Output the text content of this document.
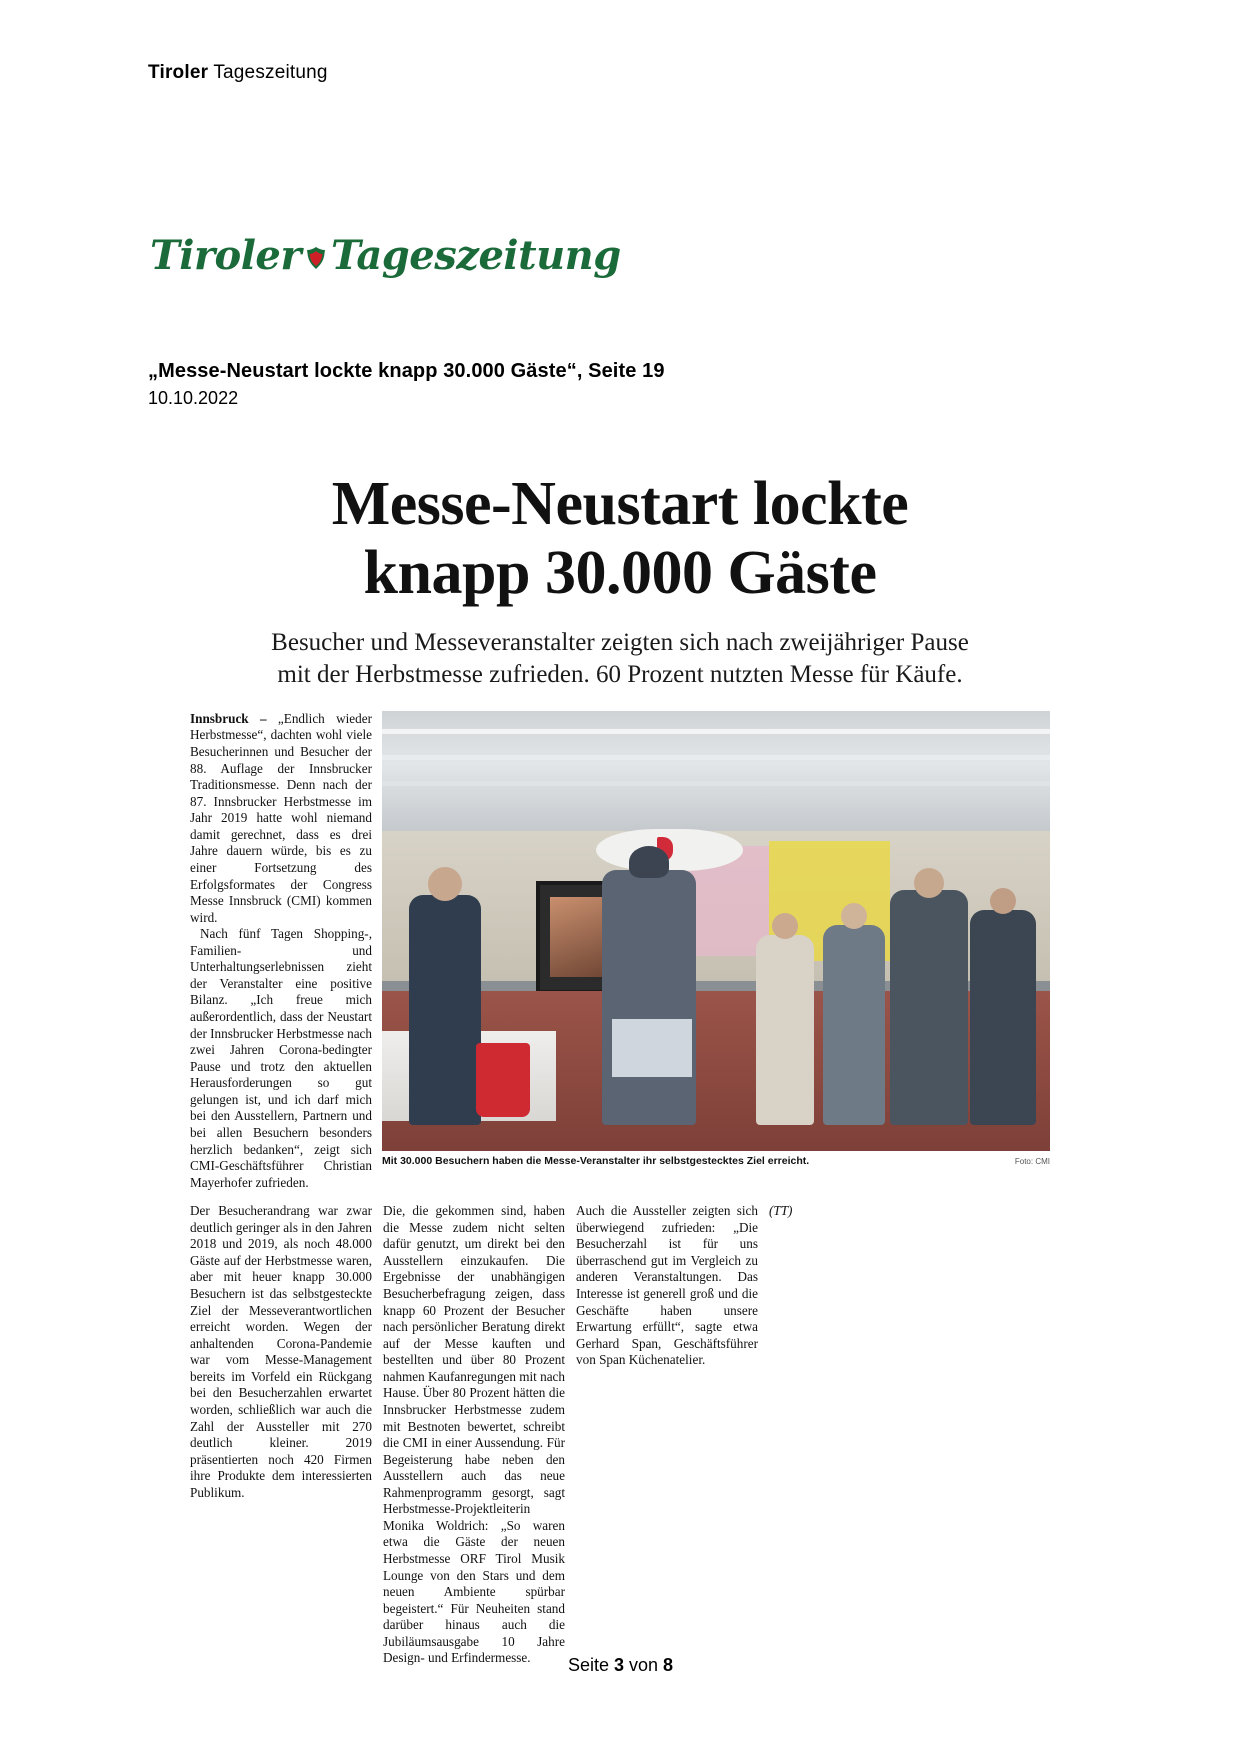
Tiroler Tageszeitung
Tiroler Tageszeitung
„Messe-Neustart lockte knapp 30.000 Gäste“, Seite 19
10.10.2022
Messe-Neustart lockte
knapp 30.000 Gäste
Besucher und Messeveranstalter zeigten sich nach zweijähriger Pause
mit der Herbstmesse zufrieden. 60 Prozent nutzten Messe für Käufe.

Innsbruck – „Endlich wieder Herbstmesse“, dachten wohl viele Besucherinnen und Besucher der 88. Auflage der Innsbrucker Traditionsmesse. Denn nach der 87. Innsbrucker Herbstmesse im Jahr 2019 hatte wohl niemand damit gerechnet, dass es drei Jahre dauern würde, bis es zu einer Fortsetzung des Erfolgsformates der Congress Messe Innsbruck (CMI) kommen wird.

Nach fünf Tagen Shopping-, Familien- und Unterhaltungserlebnissen zieht der Veranstalter eine positive Bilanz. „Ich freue mich außerordentlich, dass der Neustart der Innsbrucker Herbstmesse nach zwei Jahren Corona-bedingter Pause und trotz den aktuellen Herausforderungen so gut gelungen ist, und ich darf mich bei den Ausstellern, Partnern und bei allen Besuchern besonders herzlich bedanken“, zeigt sich CMI-Geschäftsführer Christian Mayerhofer zufrieden.

Mit 30.000 Besuchern haben die Messe-Veranstalter ihr selbstgestecktes Ziel erreicht.	Foto: CMI

Der Besucherandrang war zwar deutlich geringer als in den Jahren 2018 und 2019, als noch 48.000 Gäste auf der Herbstmesse waren, aber mit heuer knapp 30.000 Besuchern ist das selbstgesteckte Ziel der Messeverantwortlichen erreicht worden. Wegen der anhaltenden Corona-Pandemie war vom Messe-Management bereits im Vorfeld ein Rückgang bei den Besucherzahlen erwartet worden, schließlich war auch die Zahl der Aussteller mit 270 deutlich kleiner. 2019 präsentierten noch 420 Firmen ihre Produkte dem interessierten Publikum.

Die, die gekommen sind, haben die Messe zudem nicht selten dafür genutzt, um direkt bei den Ausstellern einzukaufen. Die Ergebnisse der unabhängigen Besucherbefragung zeigen, dass knapp 60 Prozent der Besucher nach persönlicher Beratung direkt auf der Messe kauften und bestellten und über 80 Prozent nahmen Kaufanregungen mit nach Hause. Über 80 Prozent hätten die Innsbrucker Herbstmesse zudem mit Bestnoten bewertet, schreibt die CMI in einer Aussendung. Für Begeisterung habe neben den Ausstellern auch das neue Rahmenprogramm gesorgt, sagt Herbstmesse-Projektleiterin Monika Woldrich: „So waren etwa die Gäste der neuen Herbstmesse ORF Tirol Musik Lounge von den Stars und dem neuen Ambiente spürbar begeistert.“ Für Neuheiten stand darüber hinaus auch die Jubiläumsausgabe 10 Jahre Design- und Erfindermesse.

Auch die Aussteller zeigten sich überwiegend zufrieden: „Die Besucherzahl ist für uns überraschend gut im Vergleich zu anderen Veranstaltungen. Das Interesse ist generell groß und die Geschäfte haben unsere Erwartung erfüllt“, sagte etwa Gerhard Span, Geschäftsführer von Span Küchenatelier.

(TT)

Seite 3 von 8
